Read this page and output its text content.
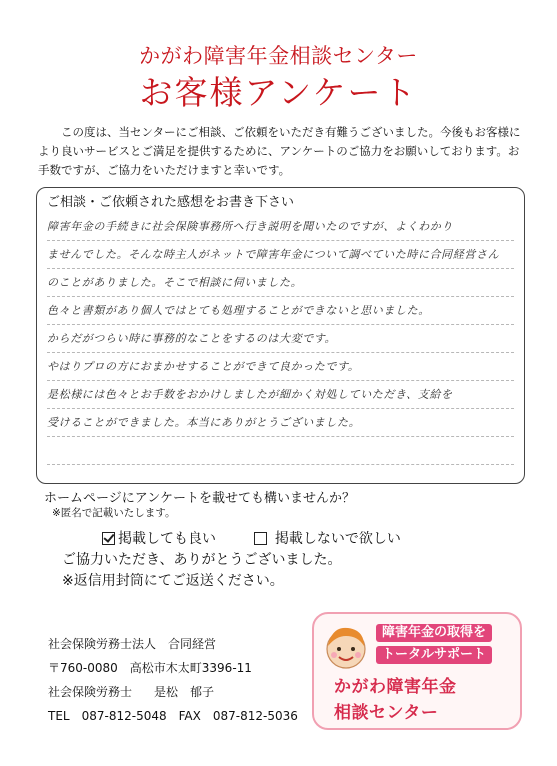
かがわ障害年金相談センター
お客様アンケート
この度は、当センターにご相談、ご依頼をいただき有難うございました。今後もお客様により良いサービスとご満足を提供するために、アンケートのご協力をお願いしております。お手数ですが、ご協力をいただけますと幸いです。
ご相談・ご依頼された感想をお書き下さい
障害年金の手続きに社会保険事務所へ行き説明を聞いたのですが、よくわかり
ませんでした。そんな時主人がネットで障害年金について調べていた時に合同経営さん
のことがありました。そこで相談に伺いました。
色々と書類があり個人ではとても処理することができないと思いました。
からだがつらい時に事務的なことをするのは大変です。
やはりプロの方におまかせすることができて良かったです。
是松様には色々とお手数をおかけしましたが細かく対処していただき、支給を
受けることができました。本当にありがとうございました。
ホームページにアンケートを載せても構いませんか？
※匿名で記載いたします。
掲載しても良い	掲載しないで欲しい
ご協力いただき、ありがとうございました。
※返信用封筒にてご返送ください。
社会保険労務士法人　合同経営
〒760-0080　高松市木太町3396-11
社会保険労務士 是松　郁子
TEL　087-812-5048　 FAX　087-812-5036
障害年金の取得を
トータルサポート
かがわ障害年金
相談センター
